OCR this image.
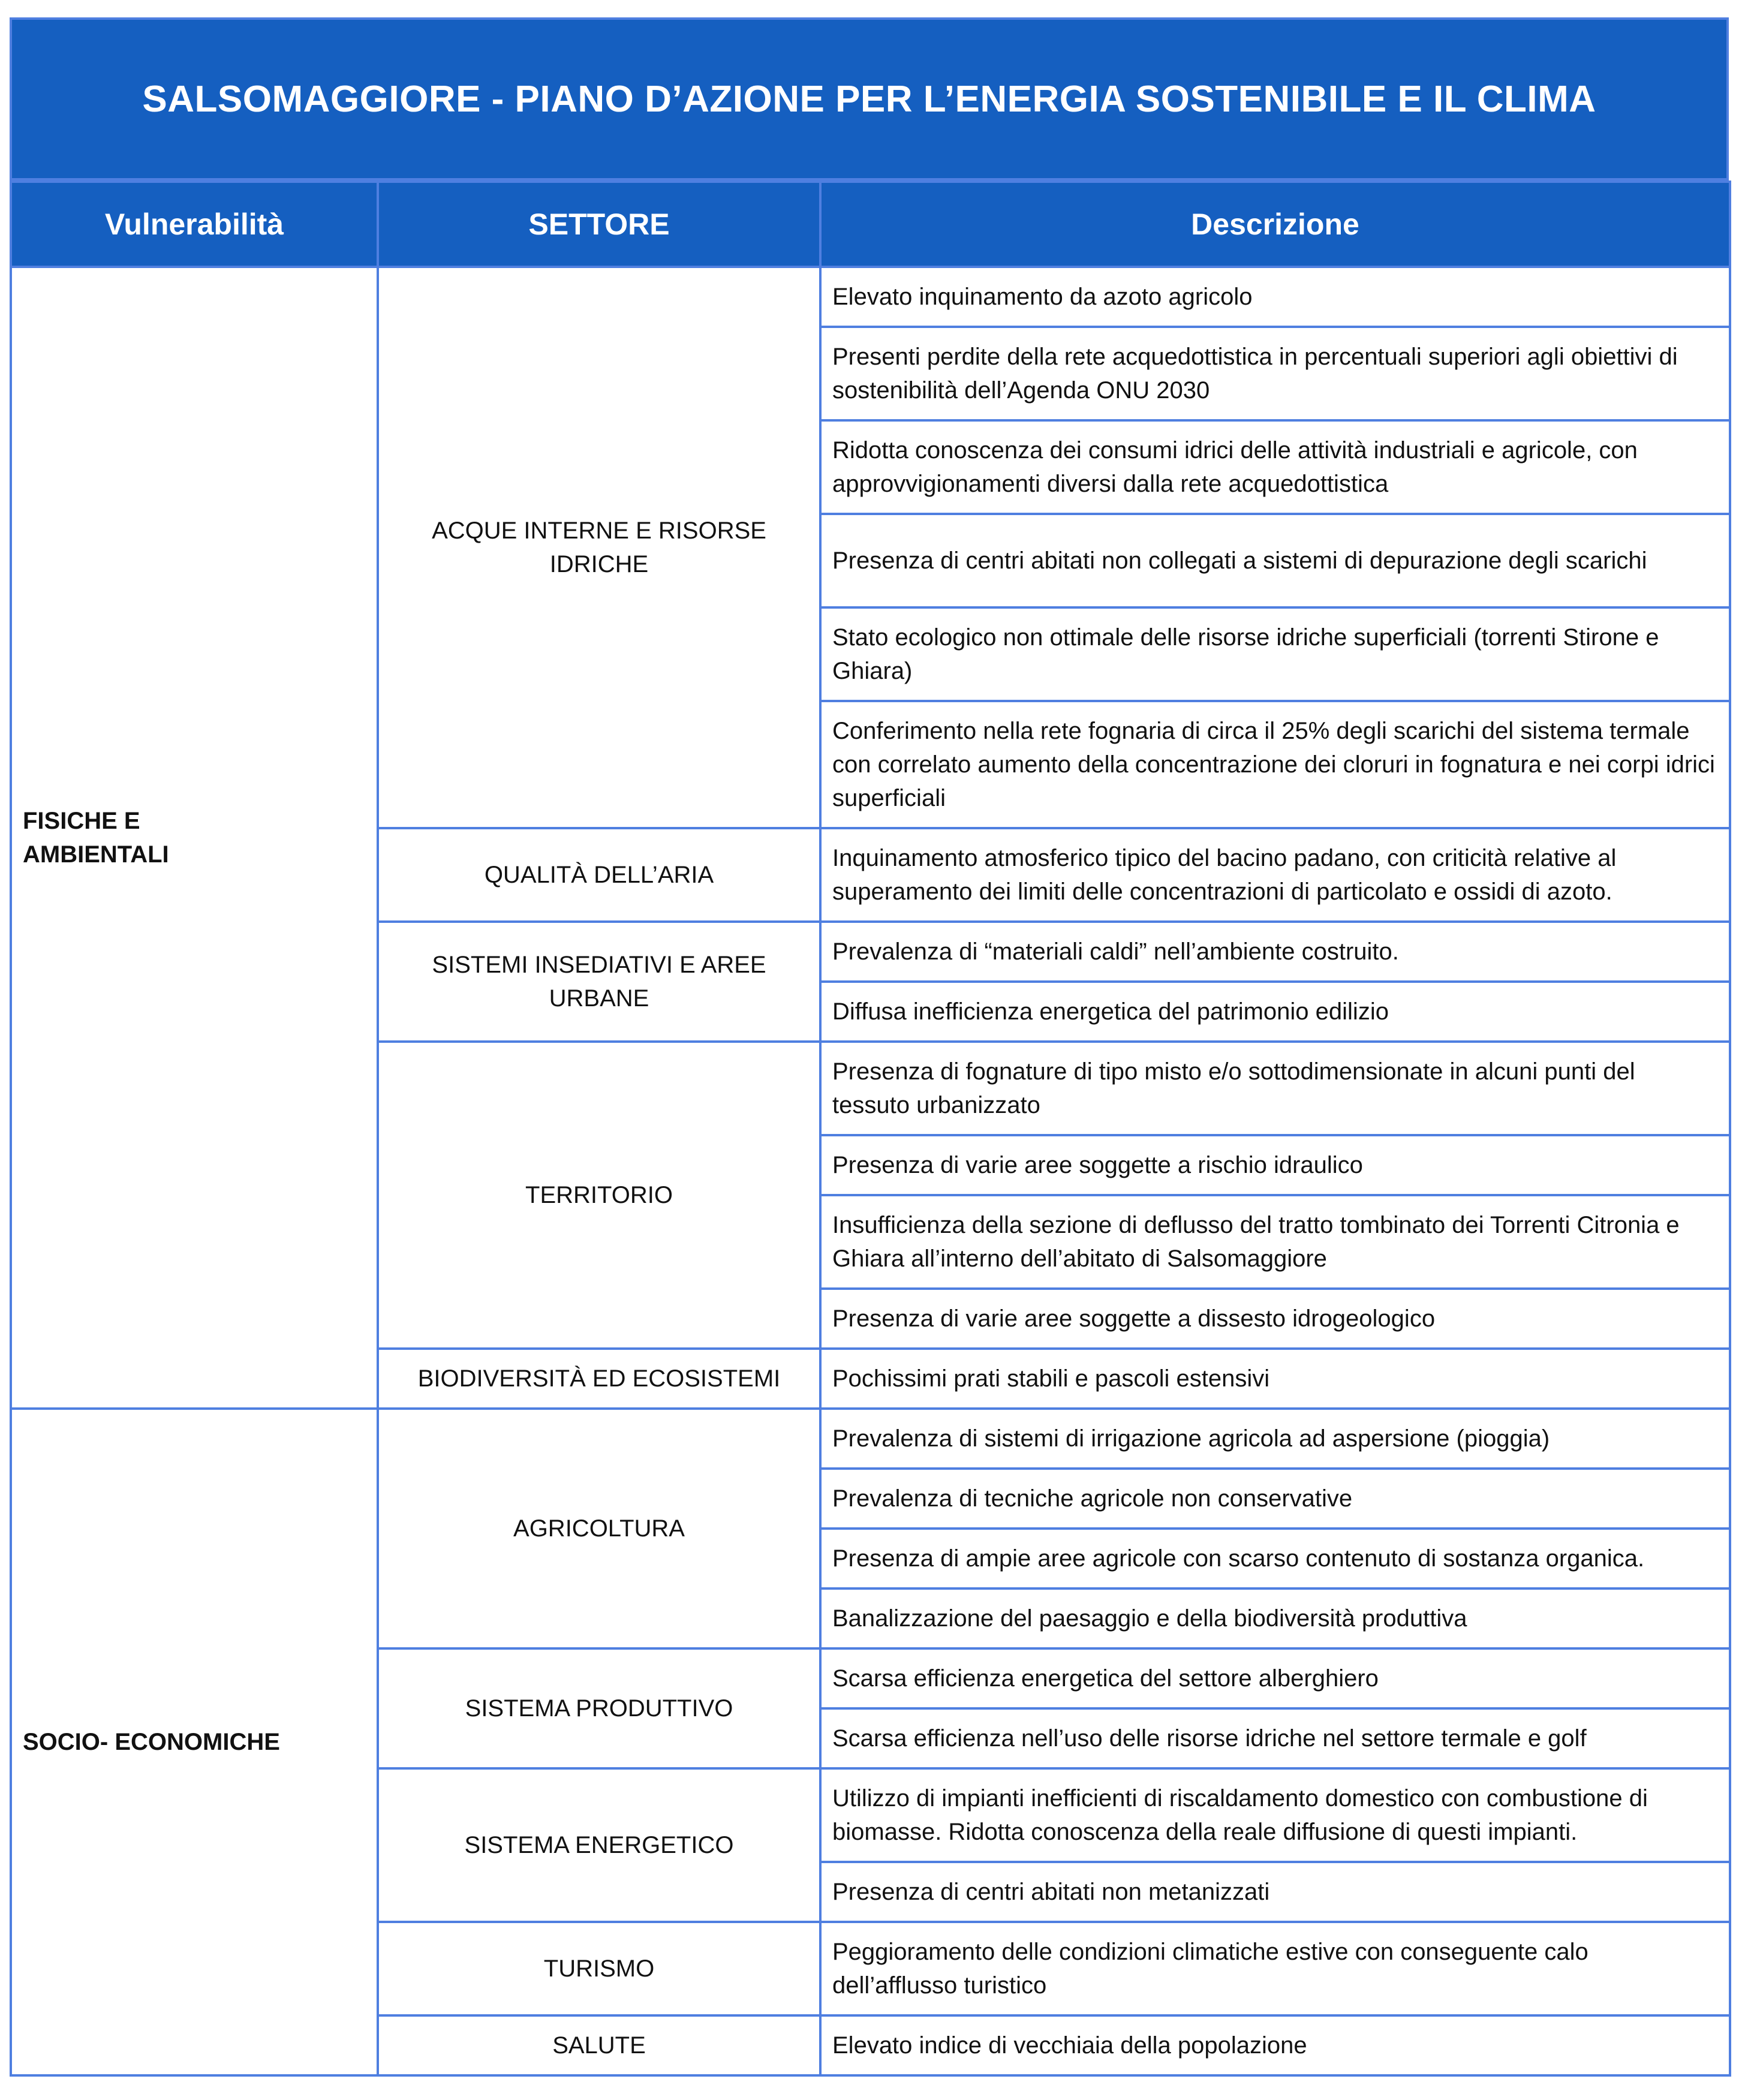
SALSOMAGGIORE - PIANO D’AZIONE PER L’ENERGIA SOSTENIBILE E IL CLIMA
Vulnerabilità	SETTORE	Descrizione
FISICHE E AMBIENTALI	ACQUE INTERNE E RISORSE IDRICHE	Elevato inquinamento da azoto agricolo
		Presenti perdite della rete acquedottistica in percentuali superiori agli obiettivi di sostenibilità dell’Agenda ONU 2030
		Ridotta conoscenza dei consumi idrici delle attività industriali e agricole, con approvvigionamenti diversi dalla rete acquedottistica
		Presenza di centri abitati non collegati a sistemi di depurazione degli scarichi
		Stato ecologico non ottimale delle risorse idriche superficiali (torrenti Stirone e Ghiara)
		Conferimento nella rete fognaria di circa il 25% degli scarichi del sistema termale con correlato aumento della concentrazione dei cloruri in fognatura e nei corpi idrici superficiali
	QUALITÀ DELL’ARIA	Inquinamento atmosferico tipico del bacino padano, con criticità relative al superamento dei limiti delle concentrazioni di particolato e ossidi di azoto.
	SISTEMI INSEDIATIVI E AREE URBANE	Prevalenza di “materiali caldi” nell’ambiente costruito.
		Diffusa inefficienza energetica del patrimonio edilizio
	TERRITORIO	Presenza di fognature di tipo misto e/o sottodimensionate in alcuni punti del tessuto urbanizzato
		Presenza di varie aree soggette a rischio idraulico
		Insufficienza della sezione di deflusso del tratto tombinato dei Torrenti Citronia e Ghiara all’interno dell’abitato di Salsomaggiore
		Presenza di varie aree soggette a dissesto idrogeologico
	BIODIVERSITÀ ED ECOSISTEMI	Pochissimi prati stabili e pascoli estensivi
SOCIO- ECONOMICHE	AGRICOLTURA	Prevalenza di sistemi di irrigazione agricola ad aspersione (pioggia)
		Prevalenza di tecniche agricole non conservative
		Presenza di ampie aree agricole con scarso contenuto di sostanza organica.
		Banalizzazione del paesaggio e della biodiversità produttiva
	SISTEMA PRODUTTIVO	Scarsa efficienza energetica del settore alberghiero
		Scarsa efficienza nell’uso delle risorse idriche nel settore termale e golf
	SISTEMA ENERGETICO	Utilizzo di impianti inefficienti di riscaldamento domestico con combustione di biomasse. Ridotta conoscenza della reale diffusione di questi impianti.
		Presenza di centri abitati non metanizzati
	TURISMO	Peggioramento delle condizioni climatiche estive con conseguente calo dell’afflusso turistico
	SALUTE	Elevato indice di vecchiaia della popolazione
